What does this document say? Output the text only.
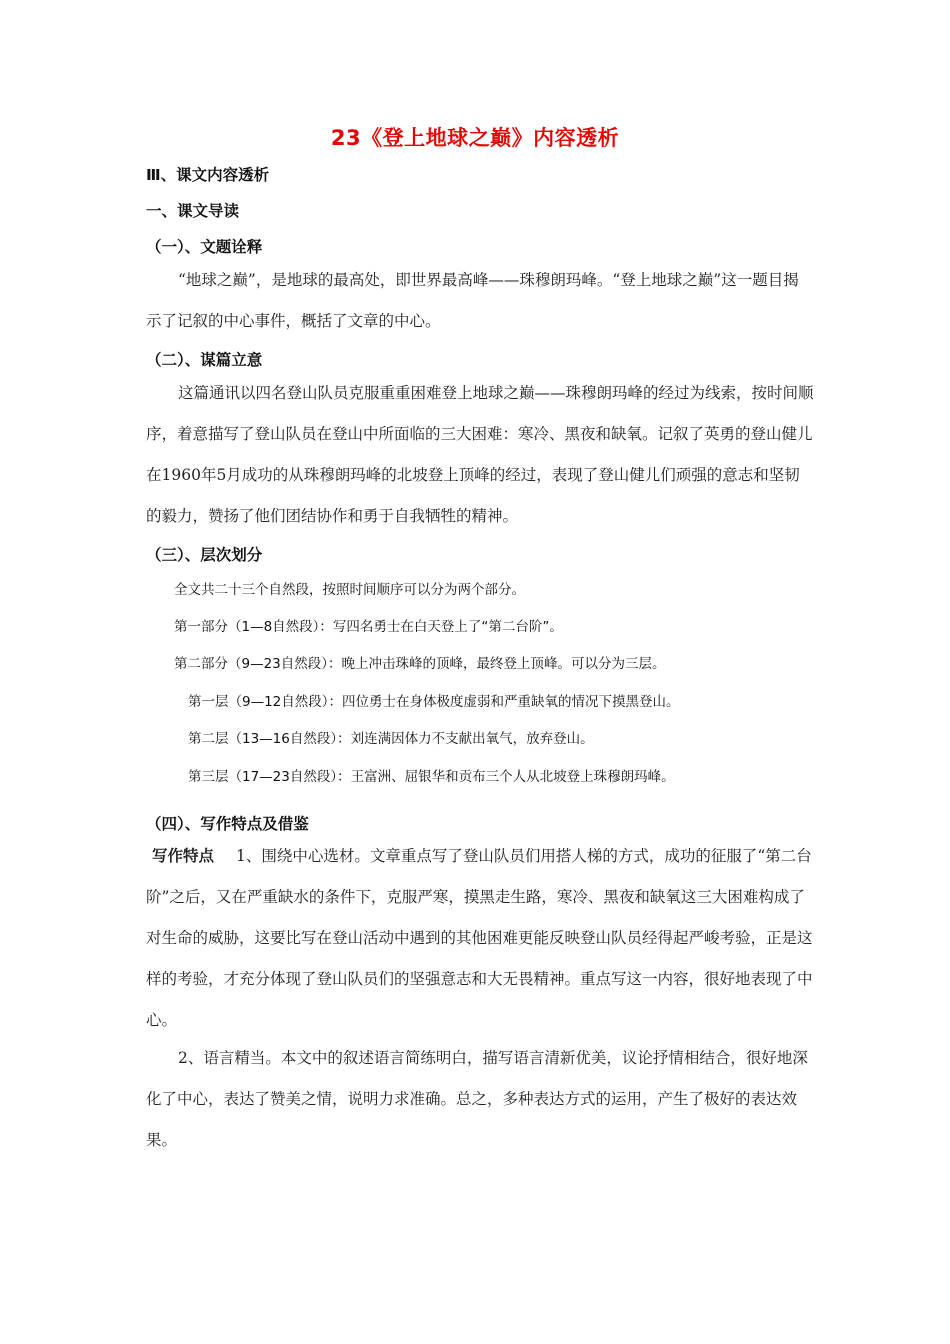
23《登上地球之巅》内容透析
Ⅲ、课文内容透析
一、课文导读
（一）、文题诠释
“地球之巅”，是地球的最高处，即世界最高峰——珠穆朗玛峰。“登上地球之巅”这一题目揭示了记叙的中心事件，概括了文章的中心。
（二）、谋篇立意
这篇通讯以四名登山队员克服重重困难登上地球之巅——珠穆朗玛峰的经过为线索，按时间顺序，着意描写了登山队员在登山中所面临的三大困难：寒冷、黑夜和缺氧。记叙了英勇的登山健儿在1960年5月成功的从珠穆朗玛峰的北坡登上顶峰的经过，表现了登山健儿们顽强的意志和坚韧的毅力，赞扬了他们团结协作和勇于自我牺牲的精神。
（三）、层次划分
全文共二十三个自然段，按照时间顺序可以分为两个部分。
第一部分（1—8自然段）：写四名勇士在白天登上了“第二台阶”。
第二部分（9—23自然段）：晚上冲击珠峰的顶峰，最终登上顶峰。可以分为三层。
第一层（9—12自然段）：四位勇士在身体极度虚弱和严重缺氧的情况下摸黑登山。
第二层（13—16自然段）：刘连满因体力不支献出氧气，放弃登山。
第三层（17—23自然段）：王富洲、屈银华和贡布三个人从北坡登上珠穆朗玛峰。
（四）、写作特点及借鉴
写作特点 1、围绕中心选材。文章重点写了登山队员们用搭人梯的方式，成功的征服了“第二台阶”之后，又在严重缺水的条件下，克服严寒，摸黑走生路，寒冷、黑夜和缺氧这三大困难构成了对生命的威胁，这要比写在登山活动中遇到的其他困难更能反映登山队员经得起严峻考验，正是这样的考验，才充分体现了登山队员们的坚强意志和大无畏精神。重点写这一内容，很好地表现了中心。
2、语言精当。本文中的叙述语言简练明白，描写语言清新优美，议论抒情相结合，很好地深化了中心，表达了赞美之情，说明力求准确。总之，多种表达方式的运用，产生了极好的表达效果。
